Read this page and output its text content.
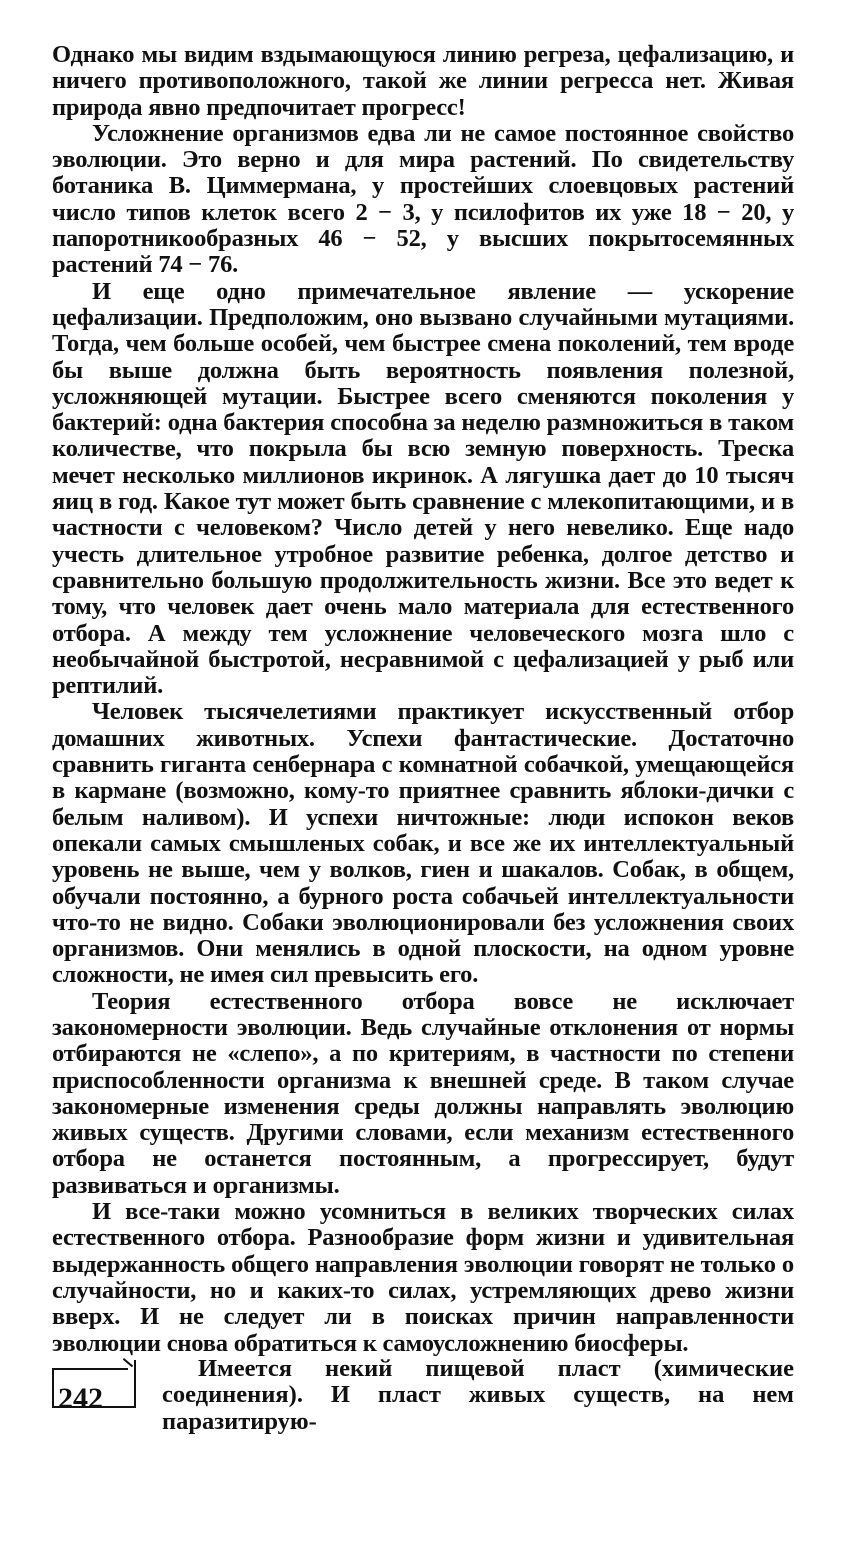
Однако мы видим вздымающуюся линию регреза, цефализацию, и ничего противоположного, такой же линии регресса нет. Живая природа явно предпочитает прогресс!

Усложнение организмов едва ли не самое постоянное свойство эволюции. Это верно и для мира растений. По свидетельству ботаника В. Циммермана, у простейших слоевцовых растений число типов клеток всего 2 − 3, у псилофитов их уже 18 − 20, у папоротникообразных 46 − 52, у высших покрытосемянных растений 74 − 76.

И еще одно примечательное явление — ускорение цефализации. Предположим, оно вызвано случайными мутациями. Тогда, чем больше особей, чем быстрее смена поколений, тем вроде бы выше должна быть вероятность появления полезной, усложняющей мутации. Быстрее всего сменяются поколения у бактерий: одна бактерия способна за неделю размножиться в таком количестве, что покрыла бы всю земную поверхность. Треска мечет несколько миллионов икринок. А лягушка дает до 10 тысяч яиц в год. Какое тут может быть сравнение с млекопитающими, и в частности с человеком? Число детей у него невелико. Еще надо учесть длительное утробное развитие ребенка, долгое детство и сравнительно большую продолжительность жизни. Все это ведет к тому, что человек дает очень мало материала для естественного отбора. А между тем усложнение человеческого мозга шло с необычайной быстротой, несравнимой с цефализацией у рыб или рептилий.

Человек тысячелетиями практикует искусственный отбор домашних животных. Успехи фантастические. Достаточно сравнить гиганта сенбернара с комнатной собачкой, умещающейся в кармане (возможно, кому-то приятнее сравнить яблоки-дички с белым наливом). И успехи ничтожные: люди испокон веков опекали самых смышленых собак, и все же их интеллектуальный уровень не выше, чем у волков, гиен и шакалов. Собак, в общем, обучали постоянно, а бурного роста собачьей интеллектуальности что-то не видно. Собаки эволюционировали без усложнения своих организмов. Они менялись в одной плоскости, на одном уровне сложности, не имея сил превысить его.

Теория естественного отбора вовсе не исключает закономерности эволюции. Ведь случайные отклонения от нормы отбираются не «слепо», а по критериям, в частности по степени приспособленности организма к внешней среде. В таком случае закономерные изменения среды должны направлять эволюцию живых существ. Другими словами, если механизм естественного отбора не останется постоянным, а прогрессирует, будут развиваться и организмы.

И все-таки можно усомниться в великих творческих силах естественного отбора. Разнообразие форм жизни и удивительная выдержанность общего направления эволюции говорят не только о случайности, но и каких-то силах, устремляющих древо жизни вверх. И не следует ли в поисках причин направленности эволюции снова обратиться к самоусложнению биосферы.

242

Имеется некий пищевой пласт (химические соединения). И пласт живых существ, на нем паразитирую-
